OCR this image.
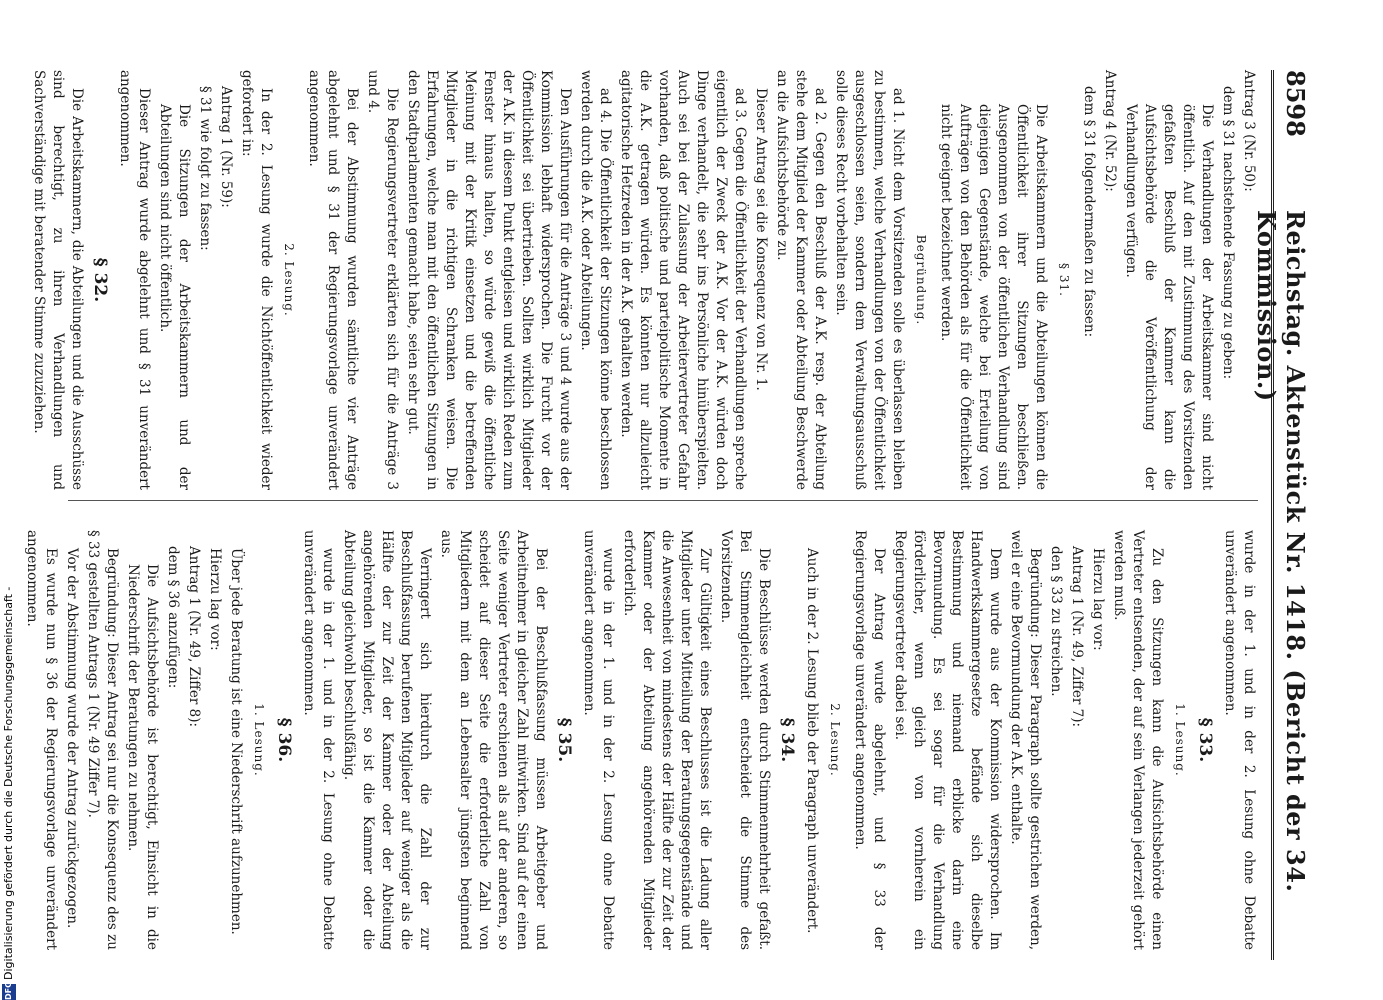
8598
Reichstag. Aktenstück Nr. 1418. (Bericht der 34. Kommission.)
Antrag 3 (Nr. 50):
dem § 31 nachstehende Fassung zu geben:
Die Verhandlungen der Arbeitskammer sind nicht öffentlich. Auf den mit Zustimmung des Vorsitzenden gefaßten Beschluß der Kammer kann die Aufsichtsbehörde die Veröffentlichung der Verhandlungen verfügen.
Antrag 4 (Nr. 52):
dem § 31 folgendermaßen zu fassen:
§ 31.
Die Arbeitskammern und die Abteilungen können die Öffentlichkeit ihrer Sitzungen beschließen. Ausgenommen von der öffentlichen Verhandlung sind diejenigen Gegenstände, welche bei Erteilung von Aufträgen von den Behörden als für die Öffentlichkeit nicht geeignet bezeichnet werden.
Begründung.
ad 1. Nicht dem Vorsitzenden solle es überlassen bleiben zu bestimmen, welche Verhandlungen von der Öffentlichkeit ausgeschlossen seien, sondern dem Verwaltungsausschuß solle dieses Recht vorbehalten sein.
ad 2. Gegen den Beschluß der A.K. resp. der Abteilung stehe dem Mitglied der Kammer oder Abteilung Beschwerde an die Aufsichtsbehörde zu.
Dieser Antrag sei die Konsequenz von Nr. 1.
ad 3. Gegen die Öffentlichkeit der Verhandlungen spreche eigentlich der Zweck der A.K. Vor der A.K. würden doch Dinge verhandelt, die sehr ins Persönliche hinüberspielten. Auch sei bei der Zulassung der Arbeitervertreter Gefahr vorhanden, daß politische und parteipolitische Momente in die A.K. getragen würden. Es könnten nur allzuleicht agitatorische Hetzreden in der A.K. gehalten werden.
ad 4. Die Öffentlichkeit der Sitzungen könne beschlossen werden durch die A.K. oder Abteilungen.
Den Ausführungen für die Anträge 3 und 4 wurde aus der Kommission lebhaft widersprochen. Die Furcht vor der Öffentlichkeit sei übertrieben. Sollten wirklich Mitglieder der A.K. in diesem Punkt entgleisen und wirklich Reden zum Fenster hinaus halten, so würde gewiß die öffentliche Meinung mit der Kritik einsetzen und die betreffenden Mitglieder in die richtigen Schranken weisen. Die Erfahrungen, welche man mit den öffentlichen Sitzungen in den Stadtparlamenten gemacht habe, seien sehr gut.
Die Regierungsvertreter erklärten sich für die Anträge 3 und 4.
Bei der Abstimmung wurden sämtliche vier Anträge abgelehnt und § 31 der Regierungsvorlage unverändert angenommen.
2. Lesung.
In der 2. Lesung wurde die Nichtöffentlichkeit wieder gefordert in:
Antrag 1 (Nr. 59):
§ 31 wie folgt zu fassen:
Die Sitzungen der Arbeitskammern und der Abteilungen sind nicht öffentlich.
Dieser Antrag wurde abgelehnt und § 31 unverändert angenommen.
§ 32.
Die Arbeitskammern, die Abteilungen und die Ausschüsse sind berechtigt, zu ihren Verhandlungen und Sachverständige mit beratender Stimme zuzuziehen.
wurde in der 1. und in der 2. Lesung ohne Debatte unverändert angenommen.
§ 33.
1. Lesung.
Zu den Sitzungen kann die Aufsichtsbehörde einen Vertreter entsenden, der auf sein Verlangen jederzeit gehört werden muß.
Hierzu lag vor:
Antrag 1 (Nr. 49, Ziffer 7):
den § 33 zu streichen.
Begründung: Dieser Paragraph sollte gestrichen werden, weil er eine Bevormundung der A.K. enthalte.
Dem wurde aus der Kommission widersprochen. Im Handwerkskammergesetze befände sich dieselbe Bestimmung und niemand erblicke darin eine Bevormundung. Es sei sogar für die Verhandlung förderlicher, wenn gleich von vornherein ein Regierungsvertreter dabei sei.
Der Antrag wurde abgelehnt, und § 33 der Regierungsvorlage unverändert angenommen.
2. Lesung.
Auch in der 2. Lesung blieb der Paragraph unverändert.
§ 34.
Die Beschlüsse werden durch Stimmenmehrheit gefaßt. Bei Stimmengleichheit entscheidet die Stimme des Vorsitzenden.
Zur Gültigkeit eines Beschlusses ist die Ladung aller Mitglieder unter Mitteilung der Beratungsgegenstände und die Anwesenheit von mindestens der Hälfte der zur Zeit der Kammer oder der Abteilung angehörenden Mitglieder erforderlich.
wurde in der 1. und in der 2. Lesung ohne Debatte unverändert angenommen.
§ 35.
Bei der Beschlußfassung müssen Arbeitgeber und Arbeitnehmer in gleicher Zahl mitwirken. Sind auf der einen Seite weniger Vertreter erschienen als auf der anderen, so scheidet auf dieser Seite die erforderliche Zahl von Mitgliedern mit dem an Lebensalter jüngsten beginnend aus.
Verringert sich hierdurch die Zahl der zur Beschlußfassung berufenen Mitglieder auf weniger als die Hälfte der zur Zeit der Kammer oder der Abteilung angehörenden Mitglieder, so ist die Kammer oder die Abteilung gleichwohl beschlußfähig.
wurde in der 1. und in der 2. Lesung ohne Debatte unverändert angenommen.
§ 36.
1. Lesung.
Über jede Beratung ist eine Niederschrift aufzunehmen.
Hierzu lag vor:
Antrag 1 (Nr. 49, Ziffer 8):
dem § 36 anzufügen:
Die Aufsichtsbehörde ist berechtigt, Einsicht in die Niederschrift der Beratungen zu nehmen.
Begründung: Dieser Antrag sei nur die Konsequenz des zu § 33 gestellten Antrags 1 (Nr. 49 Ziffer 7).
Vor der Abstimmung wurde der Antrag zurückgezogen.
Es wurde nun § 36 der Regierungsvorlage unverändert angenommen.
DFG
Digitalisierung gefördert durch die Deutsche Forschungsgemeinschaft -
